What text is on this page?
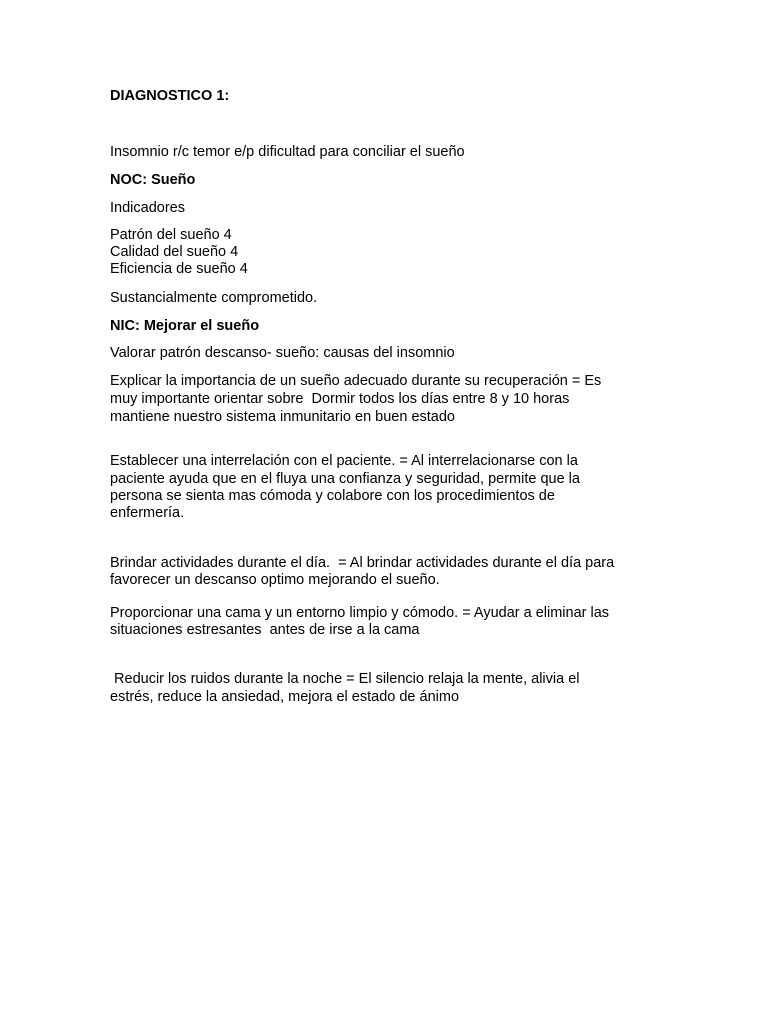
DIAGNOSTICO 1:

Insomnio r/c temor e/p dificultad para conciliar el sueño

NOC: Sueño

Indicadores

Patrón del sueño 4

Calidad del sueño 4

Eficiencia de sueño 4

Sustancialmente comprometido.

NIC: Mejorar el sueño

Valorar patrón descanso- sueño: causas del insomnio

Explicar la importancia de un sueño adecuado durante su recuperación = Es

muy importante orientar sobre  Dormir todos los días entre 8 y 10 horas

mantiene nuestro sistema inmunitario en buen estado

Establecer una interrelación con el paciente. = Al interrelacionarse con la

paciente ayuda que en el fluya una confianza y seguridad, permite que la

persona se sienta mas cómoda y colabore con los procedimientos de

enfermería.

Brindar actividades durante el día.  = Al brindar actividades durante el día para

favorecer un descanso optimo mejorando el sueño.

Proporcionar una cama y un entorno limpio y cómodo. = Ayudar a eliminar las

situaciones estresantes  antes de irse a la cama

Reducir los ruidos durante la noche = El silencio relaja la mente, alivia el

estrés, reduce la ansiedad, mejora el estado de ánimo
